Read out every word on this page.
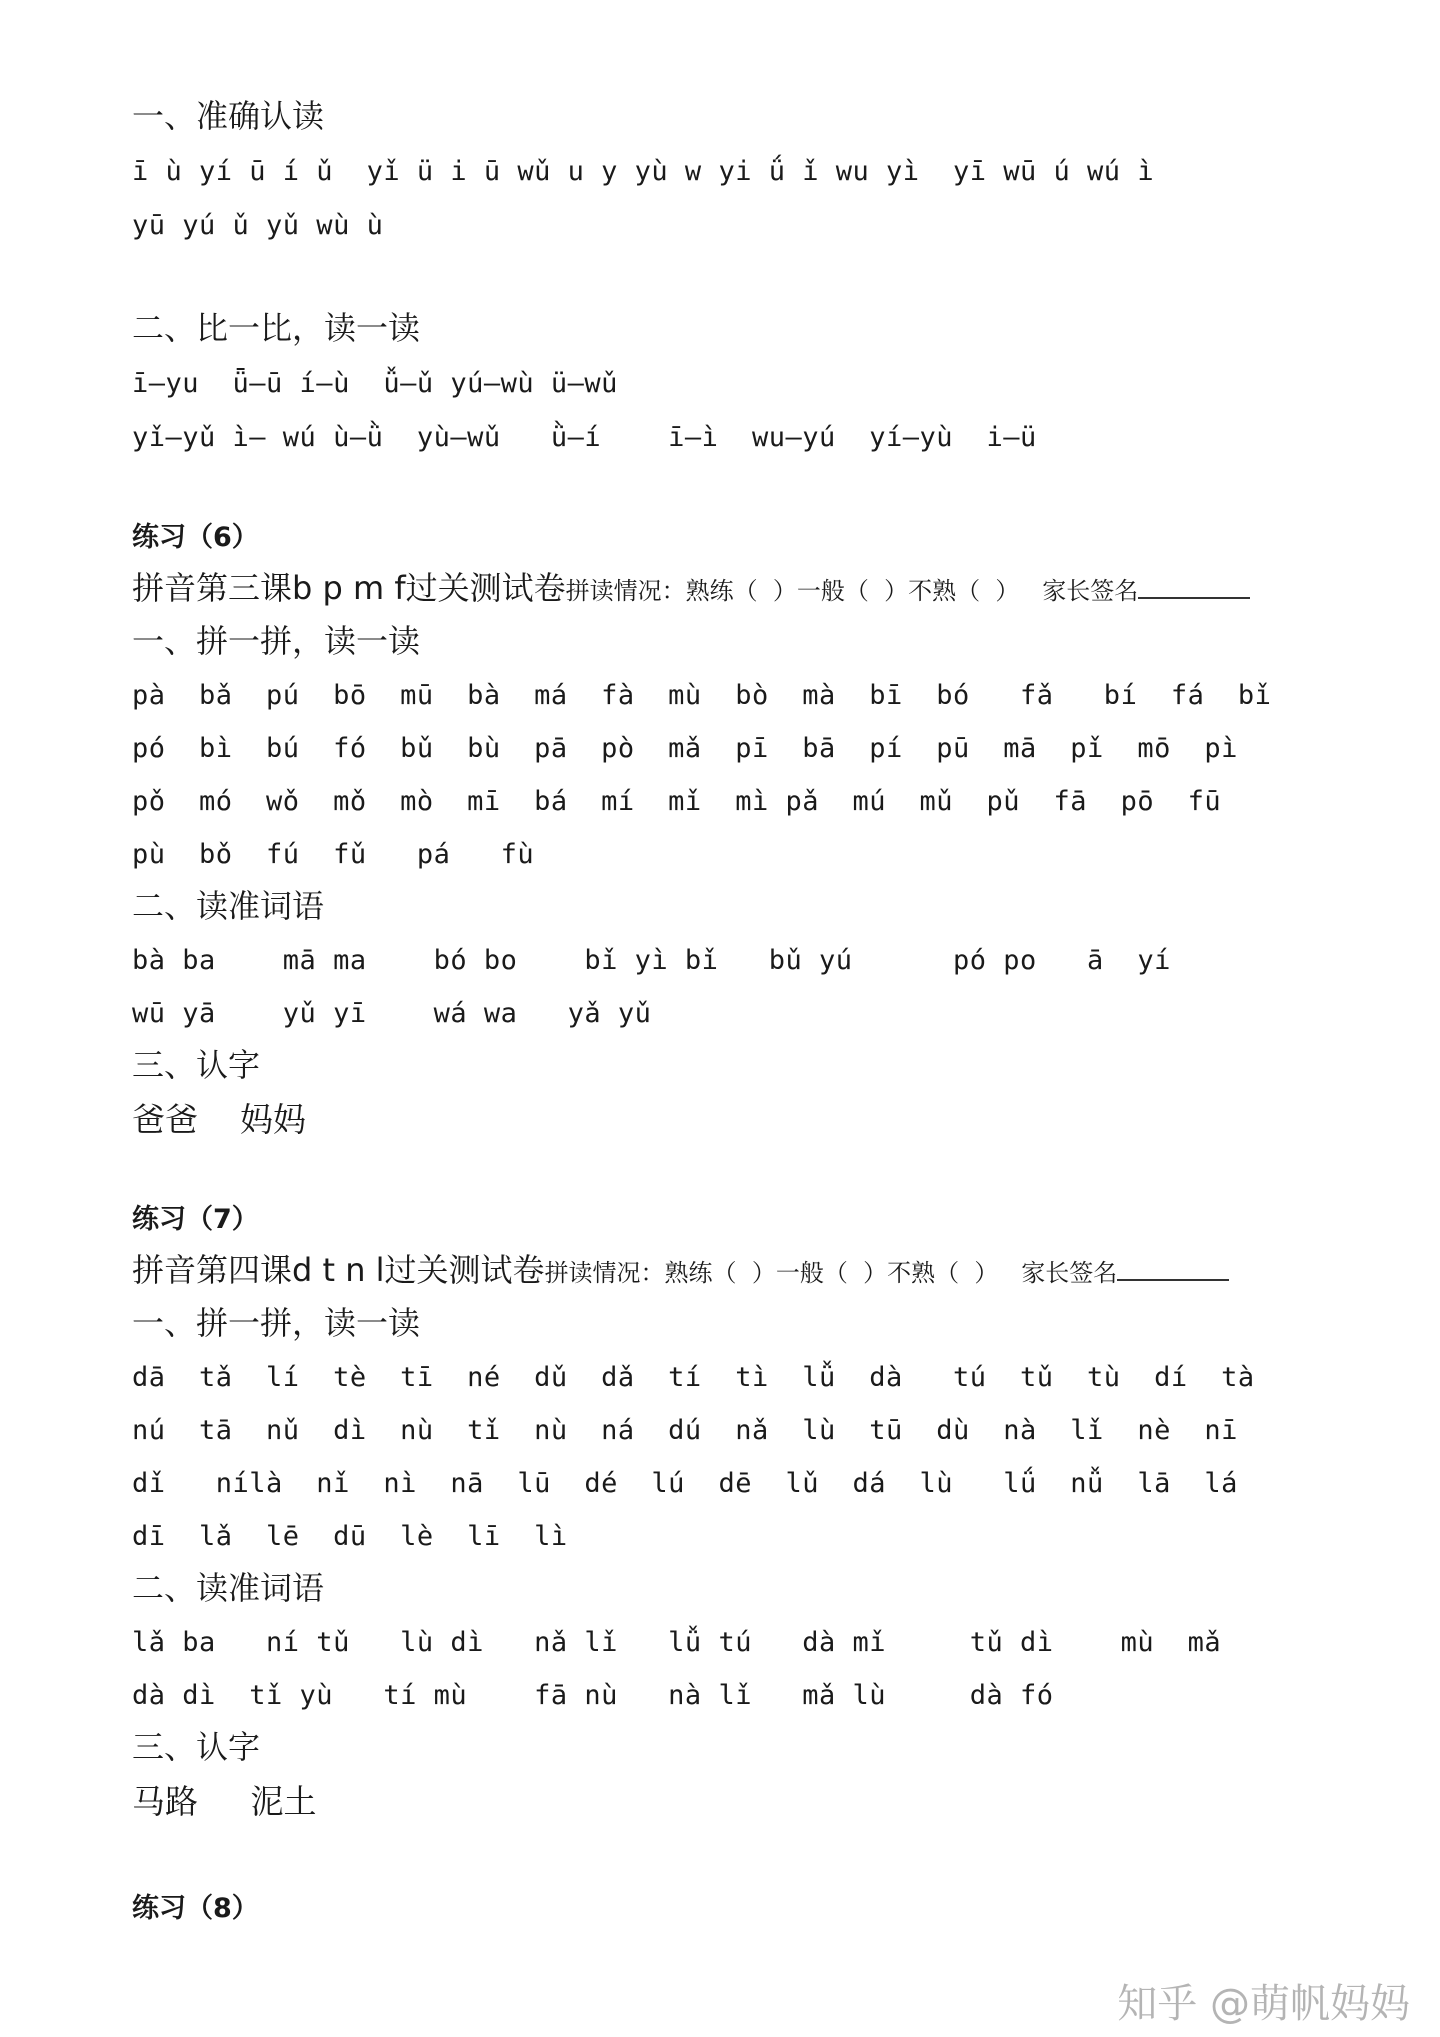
一、准确认读
ī ù yí ū í ǔ  yǐ ü i ū wǔ u y yù w yi ǘ ǐ wu yì  yī wū ú wú ì
yū yú ǔ yǔ wù ù
二、比一比，读一读
ī—yu  ǖ—ū í—ù  ǚ—ǔ yú—wù ü—wǔ
yǐ—yǔ ì— wú ù—ǜ  yù—wǔ   ǜ—í    ī—ì  wu—yú  yí—yù  i—ü
练习（6）
拼音第三课b p m f过关测试卷拼读情况：熟练（  ）一般（  ）不熟（  ）   家长签名
一、拼一拼，读一读
pà  bǎ  pú  bō  mū  bà  má  fà  mù  bò  mà  bī  bó   fǎ   bí  fá  bǐ
pó  bì  bú  fó  bǔ  bù  pā  pò  mǎ  pī  bā  pí  pū  mā  pǐ  mō  pì
pǒ  mó  wǒ  mǒ  mò  mī  bá  mí  mǐ  mì pǎ  mú  mǔ  pǔ  fā  pō  fū
pù  bǒ  fú  fǔ   pá   fù
二、读准词语
bà ba    mā ma    bó bo    bǐ yì bǐ   bǔ yú      pó po   ā  yí
wū yā    yǔ yī    wá wa   yǎ yǔ
三、认字
爸爸    妈妈
练习（7）
拼音第四课d t n l过关测试卷拼读情况：熟练（  ）一般（  ）不熟（  ）   家长签名
一、拼一拼，读一读
dā  tǎ  lí  tè  tī  né  dǔ  dǎ  tí  tì  lǚ  dà   tú  tǔ  tù  dí  tà
nú  tā  nǔ  dì  nù  tǐ  nù  ná  dú  nǎ  lù  tū  dù  nà  lǐ  nè  nī
dǐ   nílà  nǐ  nì  nā  lū  dé  lú  dē  lǔ  dá  lù   lǘ  nǚ  lā  lá
dī  lǎ  lē  dū  lè  lī  lì
二、读准词语
lǎ ba   ní tǔ   lù dì   nǎ lǐ   lǚ tú   dà mǐ     tǔ dì    mù  mǎ
dà dì  tǐ yù   tí mù    fā nù   nà lǐ   mǎ lù     dà fó
三、认字
马路     泥土
练习（8）
知乎 @萌帆妈妈
